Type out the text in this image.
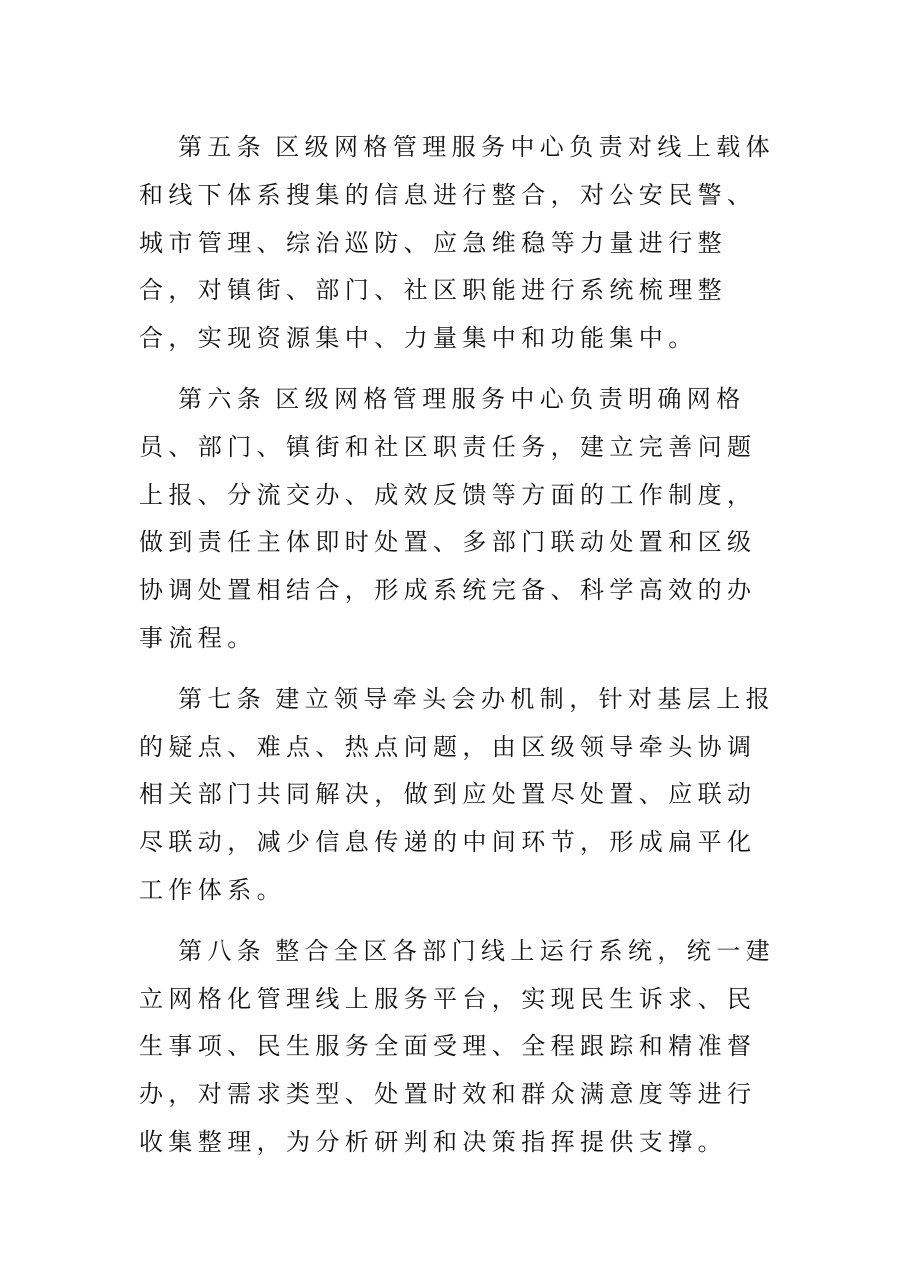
第五条 区级网格管理服务中心负责对线上载体和线下体系搜集的信息进行整合，对公安民警、城市管理、综治巡防、应急维稳等力量进行整合，对镇街、部门、社区职能进行系统梳理整合，实现资源集中、力量集中和功能集中。

第六条 区级网格管理服务中心负责明确网格员、部门、镇街和社区职责任务，建立完善问题上报、分流交办、成效反馈等方面的工作制度，做到责任主体即时处置、多部门联动处置和区级协调处置相结合，形成系统完备、科学高效的办事流程。

第七条 建立领导牵头会办机制，针对基层上报的疑点、难点、热点问题，由区级领导牵头协调相关部门共同解决，做到应处置尽处置、应联动尽联动，减少信息传递的中间环节，形成扁平化工作体系。

第八条 整合全区各部门线上运行系统，统一建立网格化管理线上服务平台，实现民生诉求、民生事项、民生服务全面受理、全程跟踪和精准督办，对需求类型、处置时效和群众满意度等进行收集整理，为分析研判和决策指挥提供支撑。
